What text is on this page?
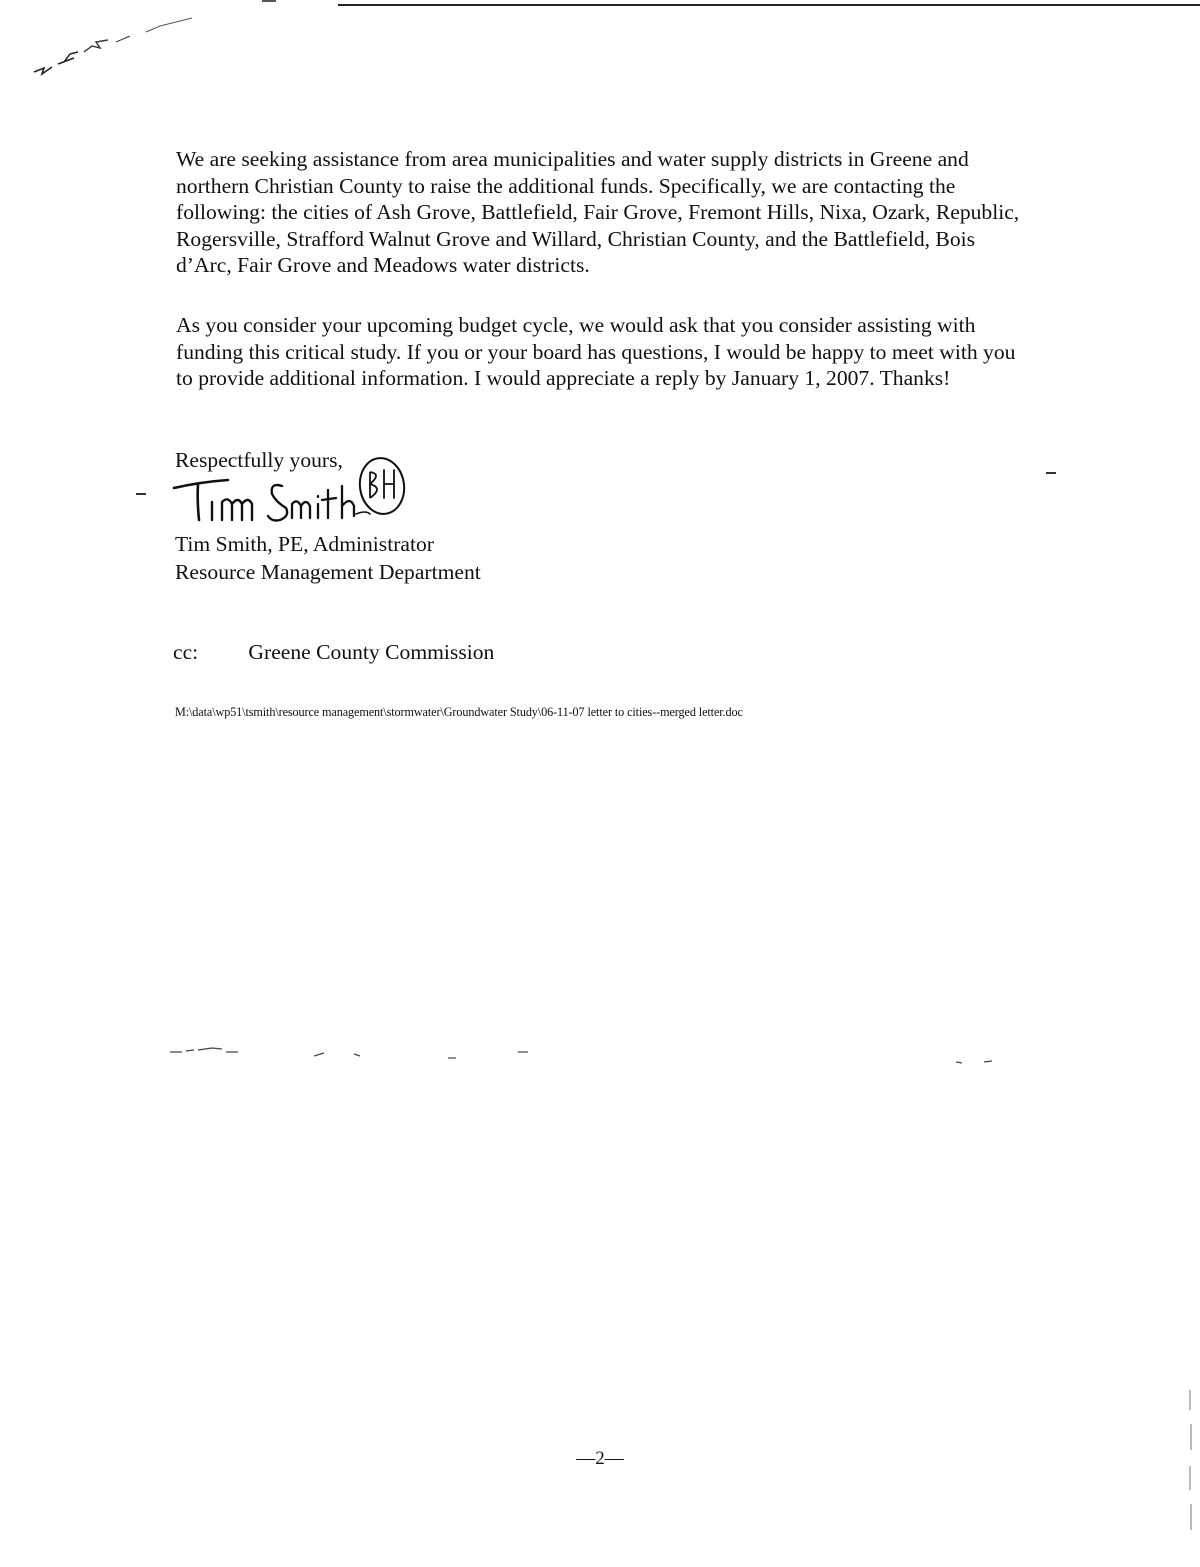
We are seeking assistance from area municipalities and water supply districts in Greene and northern Christian County to raise the additional funds. Specifically, we are contacting the following: the cities of Ash Grove, Battlefield, Fair Grove, Fremont Hills, Nixa, Ozark, Republic, Rogersville, Strafford Walnut Grove and Willard, Christian County, and the Battlefield, Bois d’Arc, Fair Grove and Meadows water districts.

As you consider your upcoming budget cycle, we would ask that you consider assisting with funding this critical study. If you or your board has questions, I would be happy to meet with you to provide additional information. I would appreciate a reply by January 1, 2007. Thanks!

Respectfully yours,

Tim Smith, PE, Administrator
Resource Management Department
cc: Greene County Commission
M:\data\wp51\tsmith\resource management\stormwater\Groundwater Study\06-11-07 letter to cities--merged letter.doc
—2—
